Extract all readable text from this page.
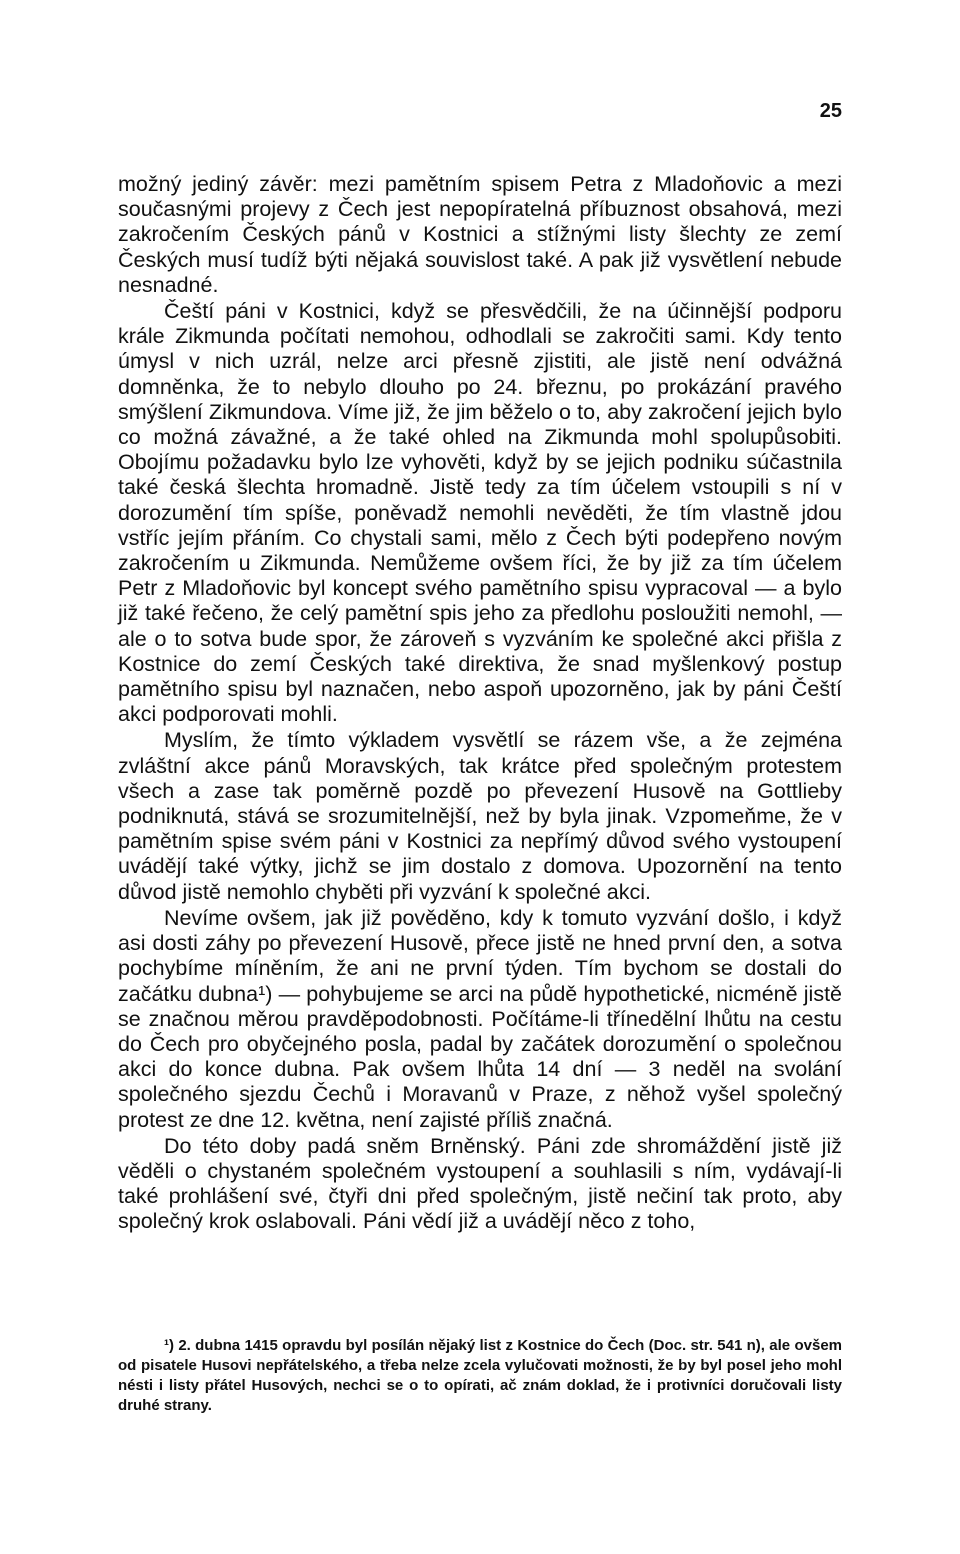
25

možný jediný závěr: mezi pamětním spisem Petra z Mladoňovic a mezi současnými projevy z Čech jest nepopíratelná příbuznost obsahová, mezi zakročením Českých pánů v Kostnici a stížnými listy šlechty ze zemí Českých musí tudíž býti nějaká souvislost také. A pak již vysvětlení nebude nesnadné.

Čeští páni v Kostnici, když se přesvědčili, že na účinnější podporu krále Zikmunda počítati nemohou, odhodlali se zakročiti sami. Kdy tento úmysl v nich uzrál, nelze arci přesně zjistiti, ale jistě není odvážná domněnka, že to nebylo dlouho po 24. březnu, po prokázání pravého smýšlení Zikmundova. Víme již, že jim běželo o to, aby zakročení jejich bylo co možná závažné, a že také ohled na Zikmunda mohl spolupůsobiti. Obojímu požadavku bylo lze vyhověti, když by se jejich podniku súčastnila také česká šlechta hromadně. Jistě tedy za tím účelem vstoupili s ní v dorozumění tím spíše, poněvadž nemohli nevěděti, že tím vlastně jdou vstříc jejím přáním. Co chystali sami, mělo z Čech býti podepřeno novým zakročením u Zikmunda. Nemůžeme ovšem říci, že by již za tím účelem Petr z Mladoňovic byl koncept svého pamětního spisu vypracoval — a bylo již také řečeno, že celý pamětní spis jeho za předlohu posloužiti nemohl, — ale o to sotva bude spor, že zároveň s vyzváním ke společné akci přišla z Kostnice do zemí Českých také direktiva, že snad myšlenkový postup pamětního spisu byl naznačen, nebo aspoň upozorněno, jak by páni Čeští akci podporovati mohli.

Myslím, že tímto výkladem vysvětlí se rázem vše, a že zejména zvláštní akce pánů Moravských, tak krátce před společným protestem všech a zase tak poměrně pozdě po převezení Husově na Gottlieby podniknutá, stává se srozumitelnější, než by byla jinak. Vzpomeňme, že v pamětním spise svém páni v Kostnici za nepřímý důvod svého vystoupení uvádějí také výtky, jichž se jim dostalo z domova. Upozornění na tento důvod jistě nemohlo chyběti při vyzvání k společné akci.

Nevíme ovšem, jak již pověděno, kdy k tomuto vyzvání došlo, i když asi dosti záhy po převezení Husově, přece jistě ne hned první den, a sotva pochybíme míněním, že ani ne první týden. Tím bychom se dostali do začátku dubna¹) — pohybujeme se arci na půdě hypothetické, nicméně jistě se značnou měrou pravděpodobnosti. Počítáme-li třínedělní lhůtu na cestu do Čech pro obyčejného posla, padal by začátek dorozumění o společnou akci do konce dubna. Pak ovšem lhůta 14 dní — 3 neděl na svolání společného sjezdu Čechů i Moravanů v Praze, z něhož vyšel společný protest ze dne 12. května, není zajisté příliš značná.

Do této doby padá sněm Brněnský. Páni zde shromáždění jistě již věděli o chystaném společném vystoupení a souhlasili s ním, vydávají-li také prohlášení své, čtyři dni před společným, jistě nečiní tak proto, aby společný krok oslabovali. Páni vědí již a uvádějí něco z toho,

¹) 2. dubna 1415 opravdu byl posílán nějaký list z Kostnice do Čech (Doc. str. 541 n), ale ovšem od pisatele Husovi nepřátelského, a třeba nelze zcela vylučovati možnosti, že by byl posel jeho mohl nésti i listy přátel Husových, nechci se o to opírati, ač znám doklad, že i protivníci doručovali listy druhé strany.
